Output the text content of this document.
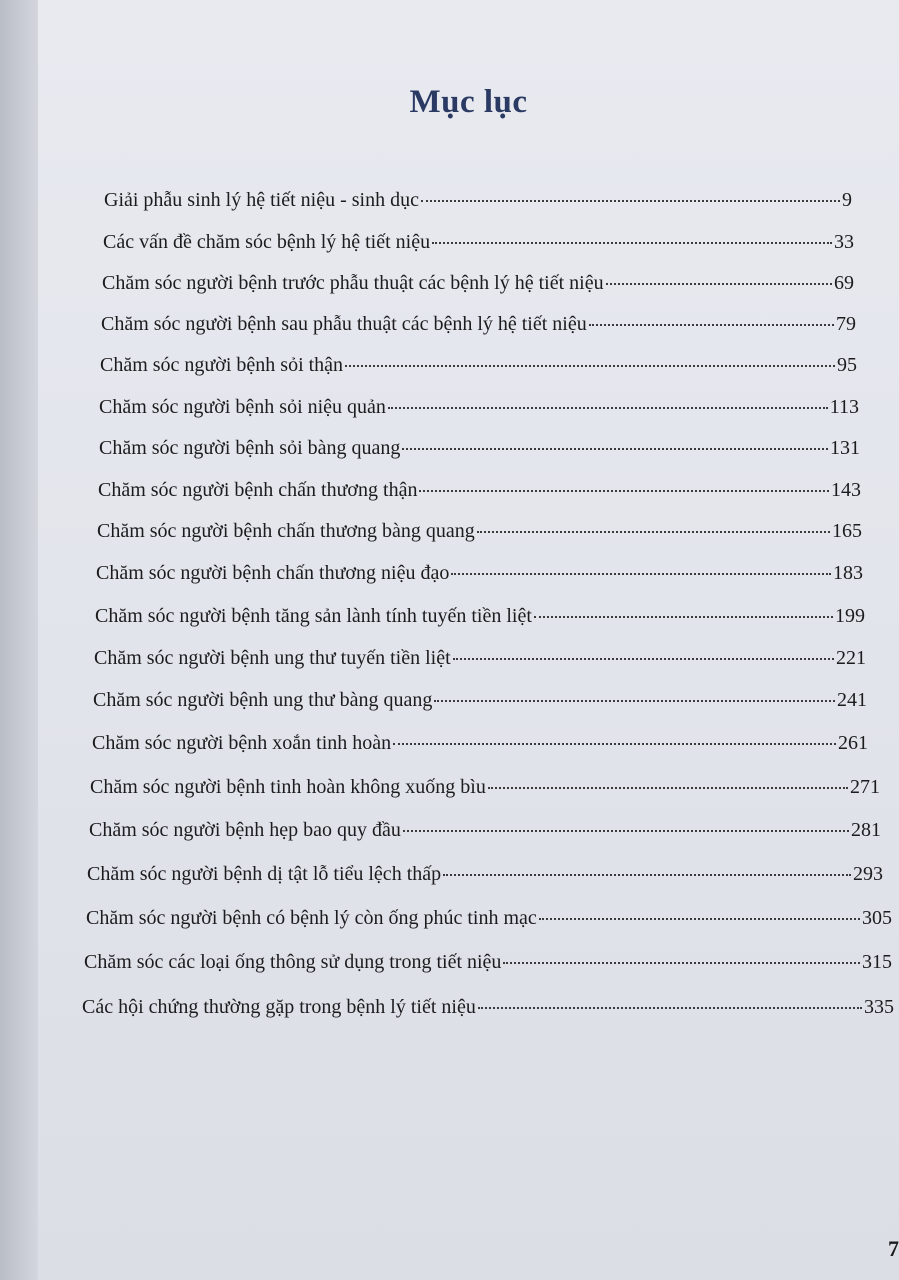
Mục lục
Giải phẫu sinh lý hệ tiết niệu - sinh dục	9
Các vấn đề chăm sóc bệnh lý hệ tiết niệu	33
Chăm sóc người bệnh trước phẫu thuật các bệnh lý hệ tiết niệu	69
Chăm sóc người bệnh sau phẫu thuật các bệnh lý hệ tiết niệu	79
Chăm sóc người bệnh sỏi thận	95
Chăm sóc người bệnh sỏi niệu quản	113
Chăm sóc người bệnh sỏi bàng quang	131
Chăm sóc người bệnh chấn thương thận	143
Chăm sóc người bệnh chấn thương bàng quang	165
Chăm sóc người bệnh chấn thương niệu đạo	183
Chăm sóc người bệnh tăng sản lành tính tuyến tiền liệt	199
Chăm sóc người bệnh ung thư tuyến tiền liệt	221
Chăm sóc người bệnh ung thư bàng quang	241
Chăm sóc người bệnh xoắn tinh hoàn	261
Chăm sóc người bệnh tinh hoàn không xuống bìu	271
Chăm sóc người bệnh hẹp bao quy đầu	281
Chăm sóc người bệnh dị tật lỗ tiểu lệch thấp	293
Chăm sóc người bệnh có bệnh lý còn ống phúc tinh mạc	305
Chăm sóc các loại ống thông sử dụng trong tiết niệu	315
Các hội chứng thường gặp trong bệnh lý tiết niệu	335
7
